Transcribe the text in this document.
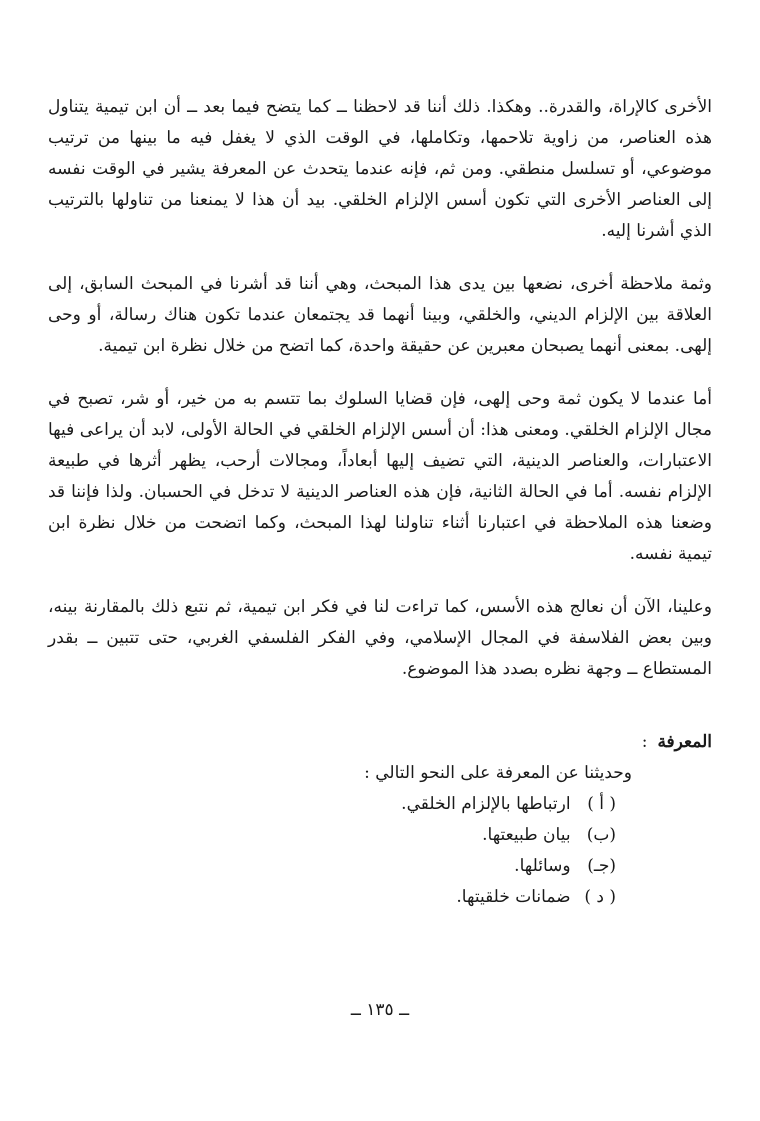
الأخرى كالإراة، والقدرة.. وهكذا. ذلك أننا قد لاحظنا ــ كما يتضح فيما بعد ــ أن ابن تيمية يتناول هذه العناصر، من زاوية تلاحمها، وتكاملها، في الوقت الذي لا يغفل فيه ما بينها من ترتيب موضوعي، أو تسلسل منطقي. ومن ثم، فإنه عندما يتحدث عن المعرفة يشير في الوقت نفسه إلى العناصر الأخرى التي تكون أسس الإلزام الخلقي. بيد أن هذا لا يمنعنا من تناولها بالترتيب الذي أشرنا إليه.

وثمة ملاحظة أخرى، نضعها بين يدى هذا المبحث، وهي أننا قد أشرنا في المبحث السابق، إلى العلاقة بين الإلزام الديني، والخلقي، وبينا أنهما قد يجتمعان عندما تكون هناك رسالة، أو وحى إلهى. بمعنى أنهما يصبحان معبرين عن حقيقة واحدة، كما اتضح من خلال نظرة ابن تيمية.

أما عندما لا يكون ثمة وحى إلهى، فإن قضايا السلوك بما تتسم به من خير، أو شر، تصبح في مجال الإلزام الخلقي. ومعنى هذا: أن أسس الإلزام الخلقي في الحالة الأولى، لابد أن يراعى فيها الاعتبارات، والعناصر الدينية، التي تضيف إليها أبعاداً، ومجالات أرحب، يظهر أثرها في طبيعة الإلزام نفسه. أما في الحالة الثانية، فإن هذه العناصر الدينية لا تدخل في الحسبان. ولذا فإننا قد وضعنا هذه الملاحظة في اعتبارنا أثناء تناولنا لهذا المبحث، وكما اتضحت من خلال نظرة ابن تيمية نفسه.

وعلينا، الآن أن نعالج هذه الأسس، كما تراءت لنا في فكر ابن تيمية، ثم نتبع ذلك بالمقارنة بينه، وبين بعض الفلاسفة في المجال الإسلامي، وفي الفكر الفلسفي الغربي، حتى تتبين ــ بقدر المستطاع ــ وجهة نظره بصدد هذا الموضوع.

المعرفة:
وحديثنا عن المعرفة على النحو التالي :
( أ ) ارتباطها بالإلزام الخلقي.
(ب) بيان طبيعتها.
(جـ) وسائلها.
( د ) ضمانات خلقيتها.
ــ ١٣٥ ــ
